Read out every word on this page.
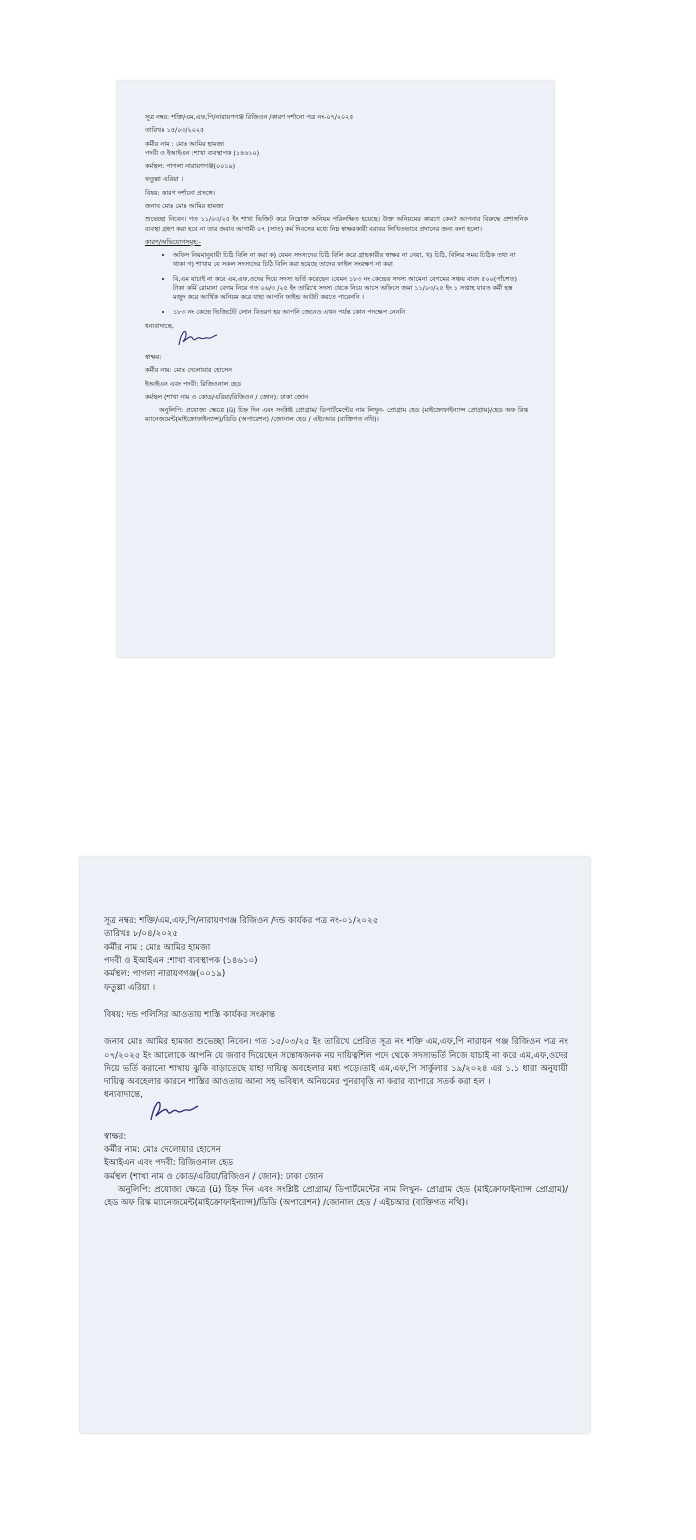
সূত্র নম্বর: শক্তি/এম,এফ,পি/নারায়ণগঞ্জ রিজিওন /কারণ দর্শানো পত্র নং-০৭/২০২৫
তারিখঃ ১৫/০৩/২০২৫
কর্মীর নাম : মোঃ আমির হামজা
পদবী ও ইআইএন :শাখা ব্যবস্থাপক (১৪৬১০)
কর্মস্থল: পাগলা নারায়ণগঞ্জ(০০১৯)
ফতুল্লা এরিয়া ।
বিষয়: কারণ দর্শানো প্রসঙ্গে।
জনাব মোঃ মোঃ আমির হামজা
শুভেচ্ছা নিবেন। গত ১১/০৩/২৫ ইং শাখা ভিজিট করে নিম্নোক্ত অনিয়ম পরিলক্ষিত হয়েছে। উক্ত অনিয়মের কারণে কেন? আপনার বিরুদ্ধে প্রশাসনিক ব্যবস্থা গ্রহণ করা হবে না তার জবাব আগামী ০৭ (সাত) কর্ম দিবসের মধ্যে নিম্ন স্বাক্ষরকারী বরাবর লিখিতভাবে প্রদানের জন্য বলা হলো।
কারণ/অভিযোগসমূহ:-
• অফিস নিয়মানুযায়ী চিঠি বিলি না করা ক) যেমন সদস্যদের চিঠি বিলি করে গ্রাহকারীর স্বাক্ষর না নেয়া, খ) চিঠি, বিলির সময় চিঠিক তথ্য না থাকা গ) শাখায় যে সকল সদস্যদের চিঠি বিলি করা হয়েছে তাদের ফাইল সংরক্ষণ না করা
• বি,এম যাচাই না করে এম,এফ,ওদের দিয়ে সদস্য ভর্তি করেছেন ।যেমন ১৮৩ নং কেন্দ্রের সদস্য আমেনা বেগমের সঞ্চয় বাবদ ৫০০(পাঁচশত) টাকা কর্মি রোমানা বেগম নিয়ে গত ০৬/৩ /২৫ ইং তারিখে সদস্য থেকে নিয়ে আসে অফিসে জমা ১১/০৩/২৫ ইং ১ সপ্তাহ যাবত কর্মী হস্ত মজুদ করে আর্থিক অনিয়ম করে যাহা আপনি ফাইন্ড আউট করতে পারেননি ।
• ১৮৩ নং কেন্দ্রে ভিজিটেট লোন বিতরণ হয় আপনি জেনেও এখন পর্যন্ত কোন পদক্ষেপ নেননি
ধন্যবাদান্তে,
স্বাক্ষর:
কর্মীর নাম: মোঃ দেলোয়ার হোসেন
ইআইএন এবং পদবী: রিজিওনাল হেড
কর্মস্থল (শাখা নাম ও কোড/এরিয়া/রিজিওন / জোন): ঢাকা জোন
অনুলিপি: প্রযোজ্য ক্ষেত্রে (ü) চিহ্ন দিন এবং সংশ্লিষ্ট প্রোগ্রাম/ ডিপার্টমেন্টের নাম লিখুন- প্রোগ্রাম হেড (মাইক্রোফাইন্যান্স প্রোগ্রাম)/হেড অফ রিস্ক ম্যানেজমেন্ট(মাইক্রোফাইন্যান্স)/ডিডি (অপারেশন) /জোনাল হেড / এইচআর (ব্যক্তিগত নথি)।
সূত্র নম্বর: শক্তি/এম,এফ,পি/নারায়ণগঞ্জ রিজিওন /দন্ড কার্যকর পত্র নং-০১/২০২৫
তারিখঃ ৮/০৪/২০২৫
কর্মীর নাম : মোঃ আমির হামজা
পদবী ও ইআইএন :শাখা ব্যবস্থাপক (১৪৬১০)
কর্মস্থল: পাগলা নারায়ণগঞ্জ(০০১৯)
ফতুল্লা এরিয়া ।
বিষয়: দন্ড পলিসির আওতায় শাস্তি কার্যকর সংক্রান্ত
জনাব মোঃ আমির হামজা শুভেচ্ছা নিবেন। গত ১৫/০৩/২৫ ইং তারিখে প্রেরিত সূত্র নং শক্তি এম,এফ,পি নারায়ন গঞ্জ রিজিওন পত্র নং ০৭/২০২৫ ইং আলোকে আপনি যে জবাব দিয়েছেন সন্তোষজনক নয় দায়িত্বশিল পদে থেকে সদস্যভর্তি নিজে যাচাই না করে এম,এফ,ওদের দিয়ে ভর্তি করানো শাখায় ঝুকি বাড়াতেছে যাহা দায়িত্ব অবহেলার মধ্য পড়ে।তাই এম,এফ,পি সার্কুলার ১৯/২০২৪ এর ১.১ ধারা অনুযায়ী দায়িত্ব অবহেলার কারনে শাস্তির আওতায় আনা সহ ভবিষ্যৎ অনিয়মের পুনরাবৃত্তি না করার ব্যাপারে সতর্ক করা হল ।
ধন্যবাদান্তে,
স্বাক্ষর:
কর্মীর নাম: মোঃ দেলোয়ার হোসেন
ইআইএন এবং পদবী: রিজিওনাল হেড
কর্মস্থল (শাখা নাম ও কোড/এরিয়া/রিজিওন / জোন): ঢাকা জোন
অনুলিপি: প্রযোজ্য ক্ষেত্রে (ü) চিহ্ন দিন এবং সংশ্লিষ্ট প্রোগ্রাম/ ডিপার্টমেন্টের নাম লিখুন- প্রোগ্রাম হেড (মাইক্রোফাইন্যান্স প্রোগ্রাম)/হেড অফ রিস্ক ম্যানেজমেন্ট(মাইক্রোফাইন্যান্স)/ডিডি (অপারেশন) /জোনাল হেড / এইচআর (ব্যক্তিগত নথি)।
